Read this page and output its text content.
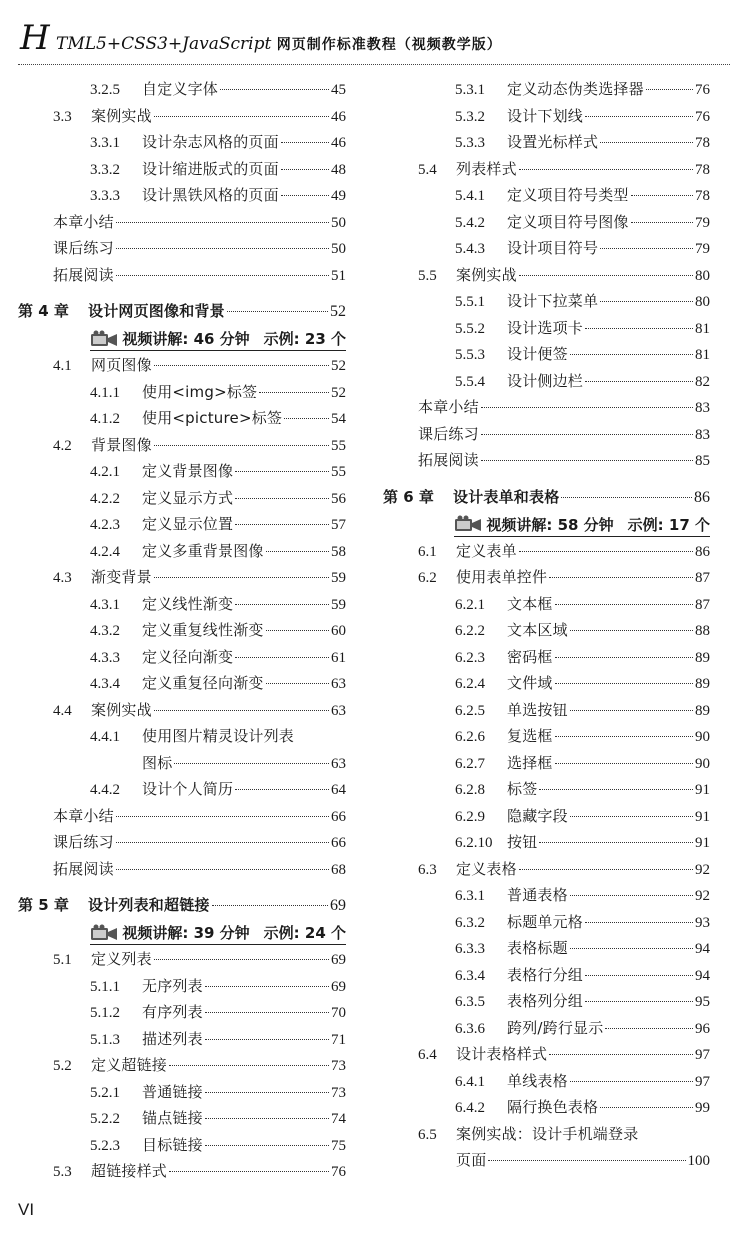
H TML5+CSS3+JavaScript 网页制作标准教程（视频教学版）
3.2.5	自定义字体	45
3.3	案例实战	46
3.3.1	设计杂志风格的页面	46
3.3.2	设计缩进版式的页面	48
3.3.3	设计黑铁风格的页面	49
本章小结	50
课后练习	50
拓展阅读	51
第 4 章	设计网页图像和背景	52
视频讲解: 46 分钟 示例: 23 个
4.1	网页图像	52
4.1.1	使用<img>标签	52
4.1.2	使用<picture>标签	54
4.2	背景图像	55
4.2.1	定义背景图像	55
4.2.2	定义显示方式	56
4.2.3	定义显示位置	57
4.2.4	定义多重背景图像	58
4.3	渐变背景	59
4.3.1	定义线性渐变	59
4.3.2	定义重复线性渐变	60
4.3.3	定义径向渐变	61
4.3.4	定义重复径向渐变	63
4.4	案例实战	63
4.4.1 使用图片精灵设计列表
图标	63
4.4.2	设计个人简历	64
本章小结	66
课后练习	66
拓展阅读	68
第 5 章	设计列表和超链接	69
视频讲解: 39 分钟 示例: 24 个
5.1	定义列表	69
5.1.1	无序列表	69
5.1.2	有序列表	70
5.1.3	描述列表	71
5.2	定义超链接	73
5.2.1	普通链接	73
5.2.2	锚点链接	74
5.2.3	目标链接	75
5.3	超链接样式	76
5.3.1	定义动态伪类选择器	76
5.3.2	设计下划线	76
5.3.3	设置光标样式	78
5.4	列表样式	78
5.4.1	定义项目符号类型	78
5.4.2	定义项目符号图像	79
5.4.3	设计项目符号	79
5.5	案例实战	80
5.5.1	设计下拉菜单	80
5.5.2	设计选项卡	81
5.5.3	设计便签	81
5.5.4	设计侧边栏	82
本章小结	83
课后练习	83
拓展阅读	85
第 6 章	设计表单和表格	86
视频讲解: 58 分钟 示例: 17 个
6.1	定义表单	86
6.2	使用表单控件	87
6.2.1	文本框	87
6.2.2	文本区域	88
6.2.3	密码框	89
6.2.4	文件域	89
6.2.5	单选按钮	89
6.2.6	复选框	90
6.2.7	选择框	90
6.2.8	标签	91
6.2.9	隐藏字段	91
6.2.10 按钮	91
6.3	定义表格	92
6.3.1	普通表格	92
6.3.2	标题单元格	93
6.3.3	表格标题	94
6.3.4	表格行分组	94
6.3.5	表格列分组	95
6.3.6	跨列/跨行显示	96
6.4	设计表格样式	97
6.4.1	单线表格	97
6.4.2	隔行换色表格	99
6.5 案例实战：设计手机端登录
页面	100
VI
